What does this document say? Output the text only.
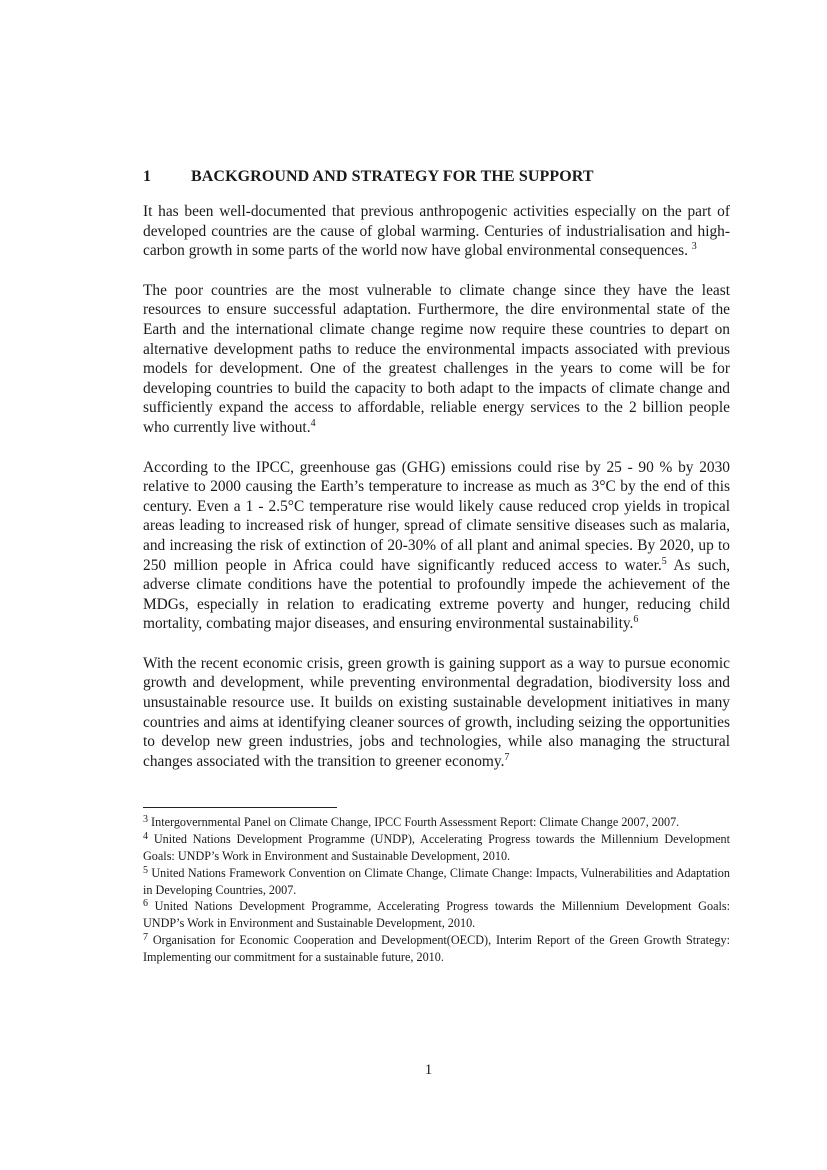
1	BACKGROUND AND STRATEGY FOR THE SUPPORT

It has been well-documented that previous anthropogenic activities especially on the part of developed countries are the cause of global warming. Centuries of industrialisation and high-carbon growth in some parts of the world now have global environmental consequences. $^3$

The poor countries are the most vulnerable to climate change since they have the least resources to ensure successful adaptation. Furthermore, the dire environmental state of the Earth and the international climate change regime now require these countries to depart on alternative development paths to reduce the environmental impacts associated with previous models for development. One of the greatest challenges in the years to come will be for developing countries to build the capacity to both adapt to the impacts of climate change and sufficiently expand the access to affordable, reliable energy services to the 2 billion people who currently live without.$^4$

According to the IPCC, greenhouse gas (GHG) emissions could rise by 25 - 90 % by 2030 relative to 2000 causing the Earth’s temperature to increase as much as 3°C by the end of this century. Even a 1 - 2.5°C temperature rise would likely cause reduced crop yields in tropical areas leading to increased risk of hunger, spread of climate sensitive diseases such as malaria, and increasing the risk of extinction of 20-30% of all plant and animal species. By 2020, up to 250 million people in Africa could have significantly reduced access to water.$^5$ As such, adverse climate conditions have the potential to profoundly impede the achievement of the MDGs, especially in relation to eradicating extreme poverty and hunger, reducing child mortality, combating major diseases, and ensuring environmental sustainability.$^6$

With the recent economic crisis, green growth is gaining support as a way to pursue economic growth and development, while preventing environmental degradation, biodiversity loss and unsustainable resource use. It builds on existing sustainable development initiatives in many countries and aims at identifying cleaner sources of growth, including seizing the opportunities to develop new green industries, jobs and technologies, while also managing the structural changes associated with the transition to greener economy.$^7$

$^3$ Intergovernmental Panel on Climate Change, IPCC Fourth Assessment Report: Climate Change 2007, 2007.

$^4$ United Nations Development Programme (UNDP), Accelerating Progress towards the Millennium Development Goals: UNDP’s Work in Environment and Sustainable Development, 2010.

$^5$ United Nations Framework Convention on Climate Change, Climate Change: Impacts, Vulnerabilities and Adaptation in Developing Countries, 2007.

$^6$ United Nations Development Programme, Accelerating Progress towards the Millennium Development Goals: UNDP’s Work in Environment and Sustainable Development, 2010.

$^7$ Organisation for Economic Cooperation and Development(OECD), Interim Report of the Green Growth Strategy: Implementing our commitment for a sustainable future, 2010.

1
